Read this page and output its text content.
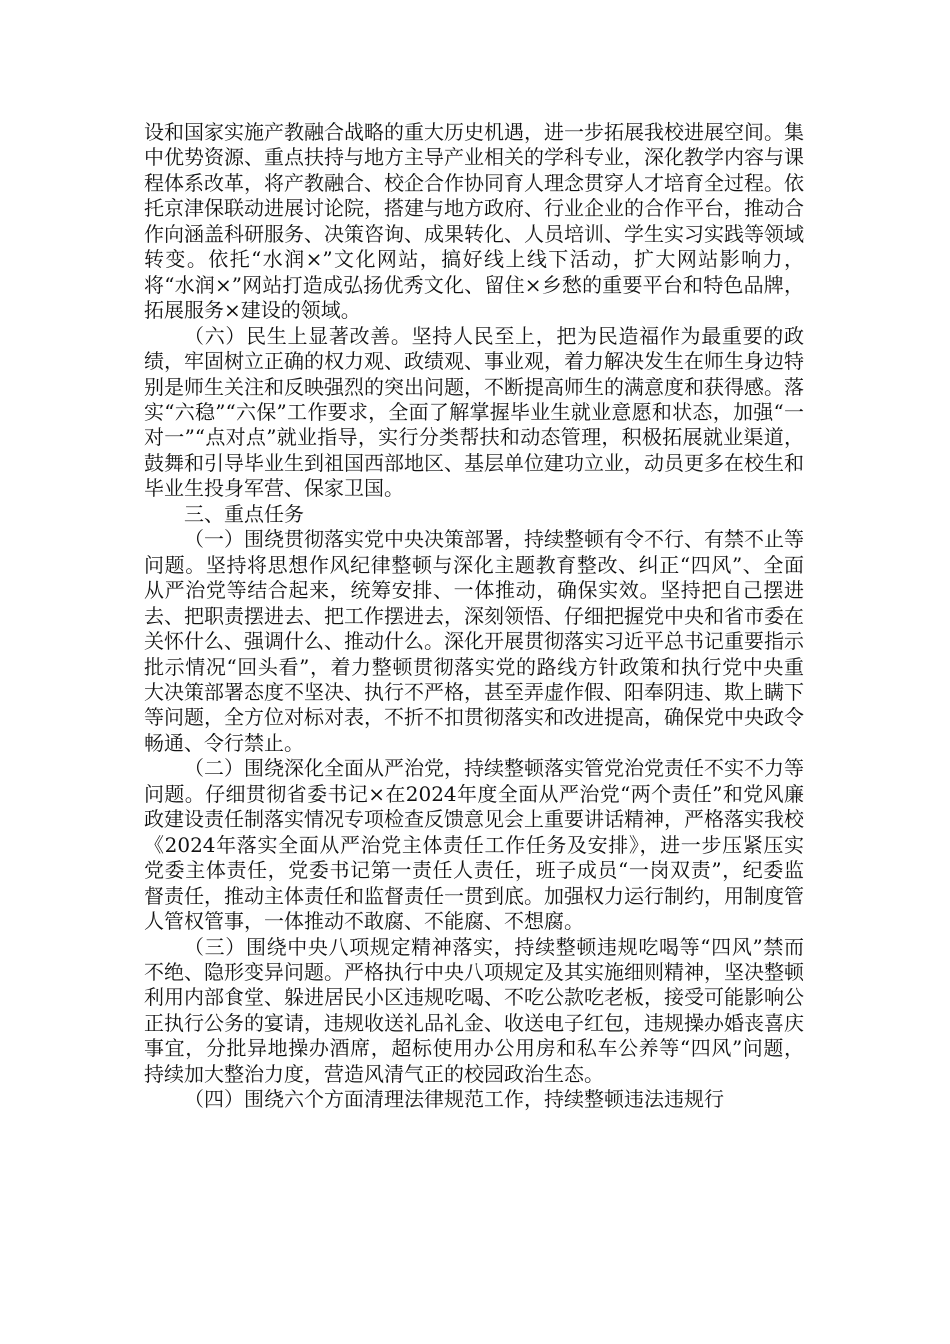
设和国家实施产教融合战略的重大历史机遇，进一步拓展我校进展空间。集中优势资源、重点扶持与地方主导产业相关的学科专业，深化教学内容与课程体系改革，将产教融合、校企合作协同育人理念贯穿人才培育全过程。依托京津保联动进展讨论院，搭建与地方政府、行业企业的合作平台，推动合作向涵盖科研服务、决策咨询、成果转化、人员培训、学生实习实践等领域转变。依托“水润×”文化网站，搞好线上线下活动，扩大网站影响力，将“水润×”网站打造成弘扬优秀文化、留住×乡愁的重要平台和特色品牌，拓展服务×建设的领域。

（六）民生上显著改善。坚持人民至上，把为民造福作为最重要的政绩，牢固树立正确的权力观、政绩观、事业观，着力解决发生在师生身边特别是师生关注和反映强烈的突出问题，不断提高师生的满意度和获得感。落实“六稳”“六保”工作要求，全面了解掌握毕业生就业意愿和状态，加强“一对一”“点对点”就业指导，实行分类帮扶和动态管理，积极拓展就业渠道，鼓舞和引导毕业生到祖国西部地区、基层单位建功立业，动员更多在校生和毕业生投身军营、保家卫国。

三、重点任务

（一）围绕贯彻落实党中央决策部署，持续整顿有令不行、有禁不止等问题。坚持将思想作风纪律整顿与深化主题教育整改、纠正“四风”、全面从严治党等结合起来，统筹安排、一体推动，确保实效。坚持把自己摆进去、把职责摆进去、把工作摆进去，深刻领悟、仔细把握党中央和省市委在关怀什么、强调什么、推动什么。深化开展贯彻落实习近平总书记重要指示批示情况“回头看”，着力整顿贯彻落实党的路线方针政策和执行党中央重大决策部署态度不坚决、执行不严格，甚至弄虚作假、阳奉阴违、欺上瞒下等问题，全方位对标对表，不折不扣贯彻落实和改进提高，确保党中央政令畅通、令行禁止。

（二）围绕深化全面从严治党，持续整顿落实管党治党责任不实不力等问题。仔细贯彻省委书记×在2024年度全面从严治党“两个责任”和党风廉政建设责任制落实情况专项检查反馈意见会上重要讲话精神，严格落实我校《2024年落实全面从严治党主体责任工作任务及安排》，进一步压紧压实党委主体责任，党委书记第一责任人责任，班子成员“一岗双责”，纪委监督责任，推动主体责任和监督责任一贯到底。加强权力运行制约，用制度管人管权管事，一体推动不敢腐、不能腐、不想腐。

（三）围绕中央八项规定精神落实，持续整顿违规吃喝等“四风”禁而不绝、隐形变异问题。严格执行中央八项规定及其实施细则精神，坚决整顿利用内部食堂、躲进居民小区违规吃喝、不吃公款吃老板，接受可能影响公正执行公务的宴请，违规收送礼品礼金、收送电子红包，违规操办婚丧喜庆事宜，分批异地操办酒席，超标使用办公用房和私车公养等“四风”问题，持续加大整治力度，营造风清气正的校园政治生态。

（四）围绕六个方面清理法律规范工作，持续整顿违法违规行
